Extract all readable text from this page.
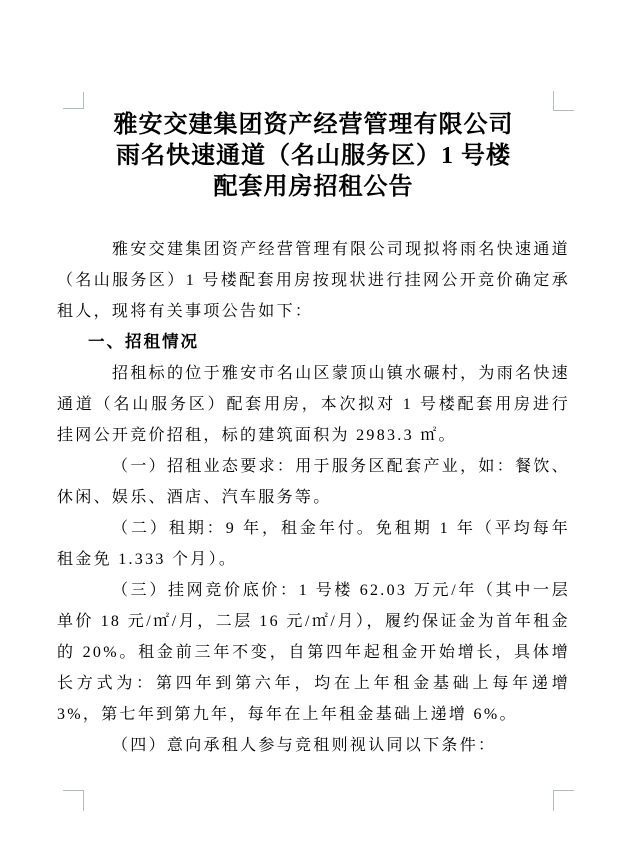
雅安交建集团资产经营管理有限公司
雨名快速通道（名山服务区）1 号楼
配套用房招租公告

雅安交建集团资产经营管理有限公司现拟将雨名快速通道（名山服务区）1 号楼配套用房按现状进行挂网公开竞价确定承租人，现将有关事项公告如下：

一、招租情况

招租标的位于雅安市名山区蒙顶山镇水碾村，为雨名快速通道（名山服务区）配套用房，本次拟对 1 号楼配套用房进行挂网公开竞价招租，标的建筑面积为 2983.3 ㎡。

（一）招租业态要求：用于服务区配套产业，如：餐饮、休闲、娱乐、酒店、汽车服务等。

（二）租期：9 年，租金年付。免租期 1 年（平均每年租金免 1.333 个月）。

（三）挂网竞价底价：1 号楼 62.03 万元/年（其中一层单价 18 元/㎡/月，二层 16 元/㎡/月），履约保证金为首年租金的 20%。租金前三年不变，自第四年起租金开始增长，具体增长方式为：第四年到第六年，均在上年租金基础上每年递增 3%，第七年到第九年，每年在上年租金基础上递增 6%。

（四）意向承租人参与竞租则视认同以下条件：
